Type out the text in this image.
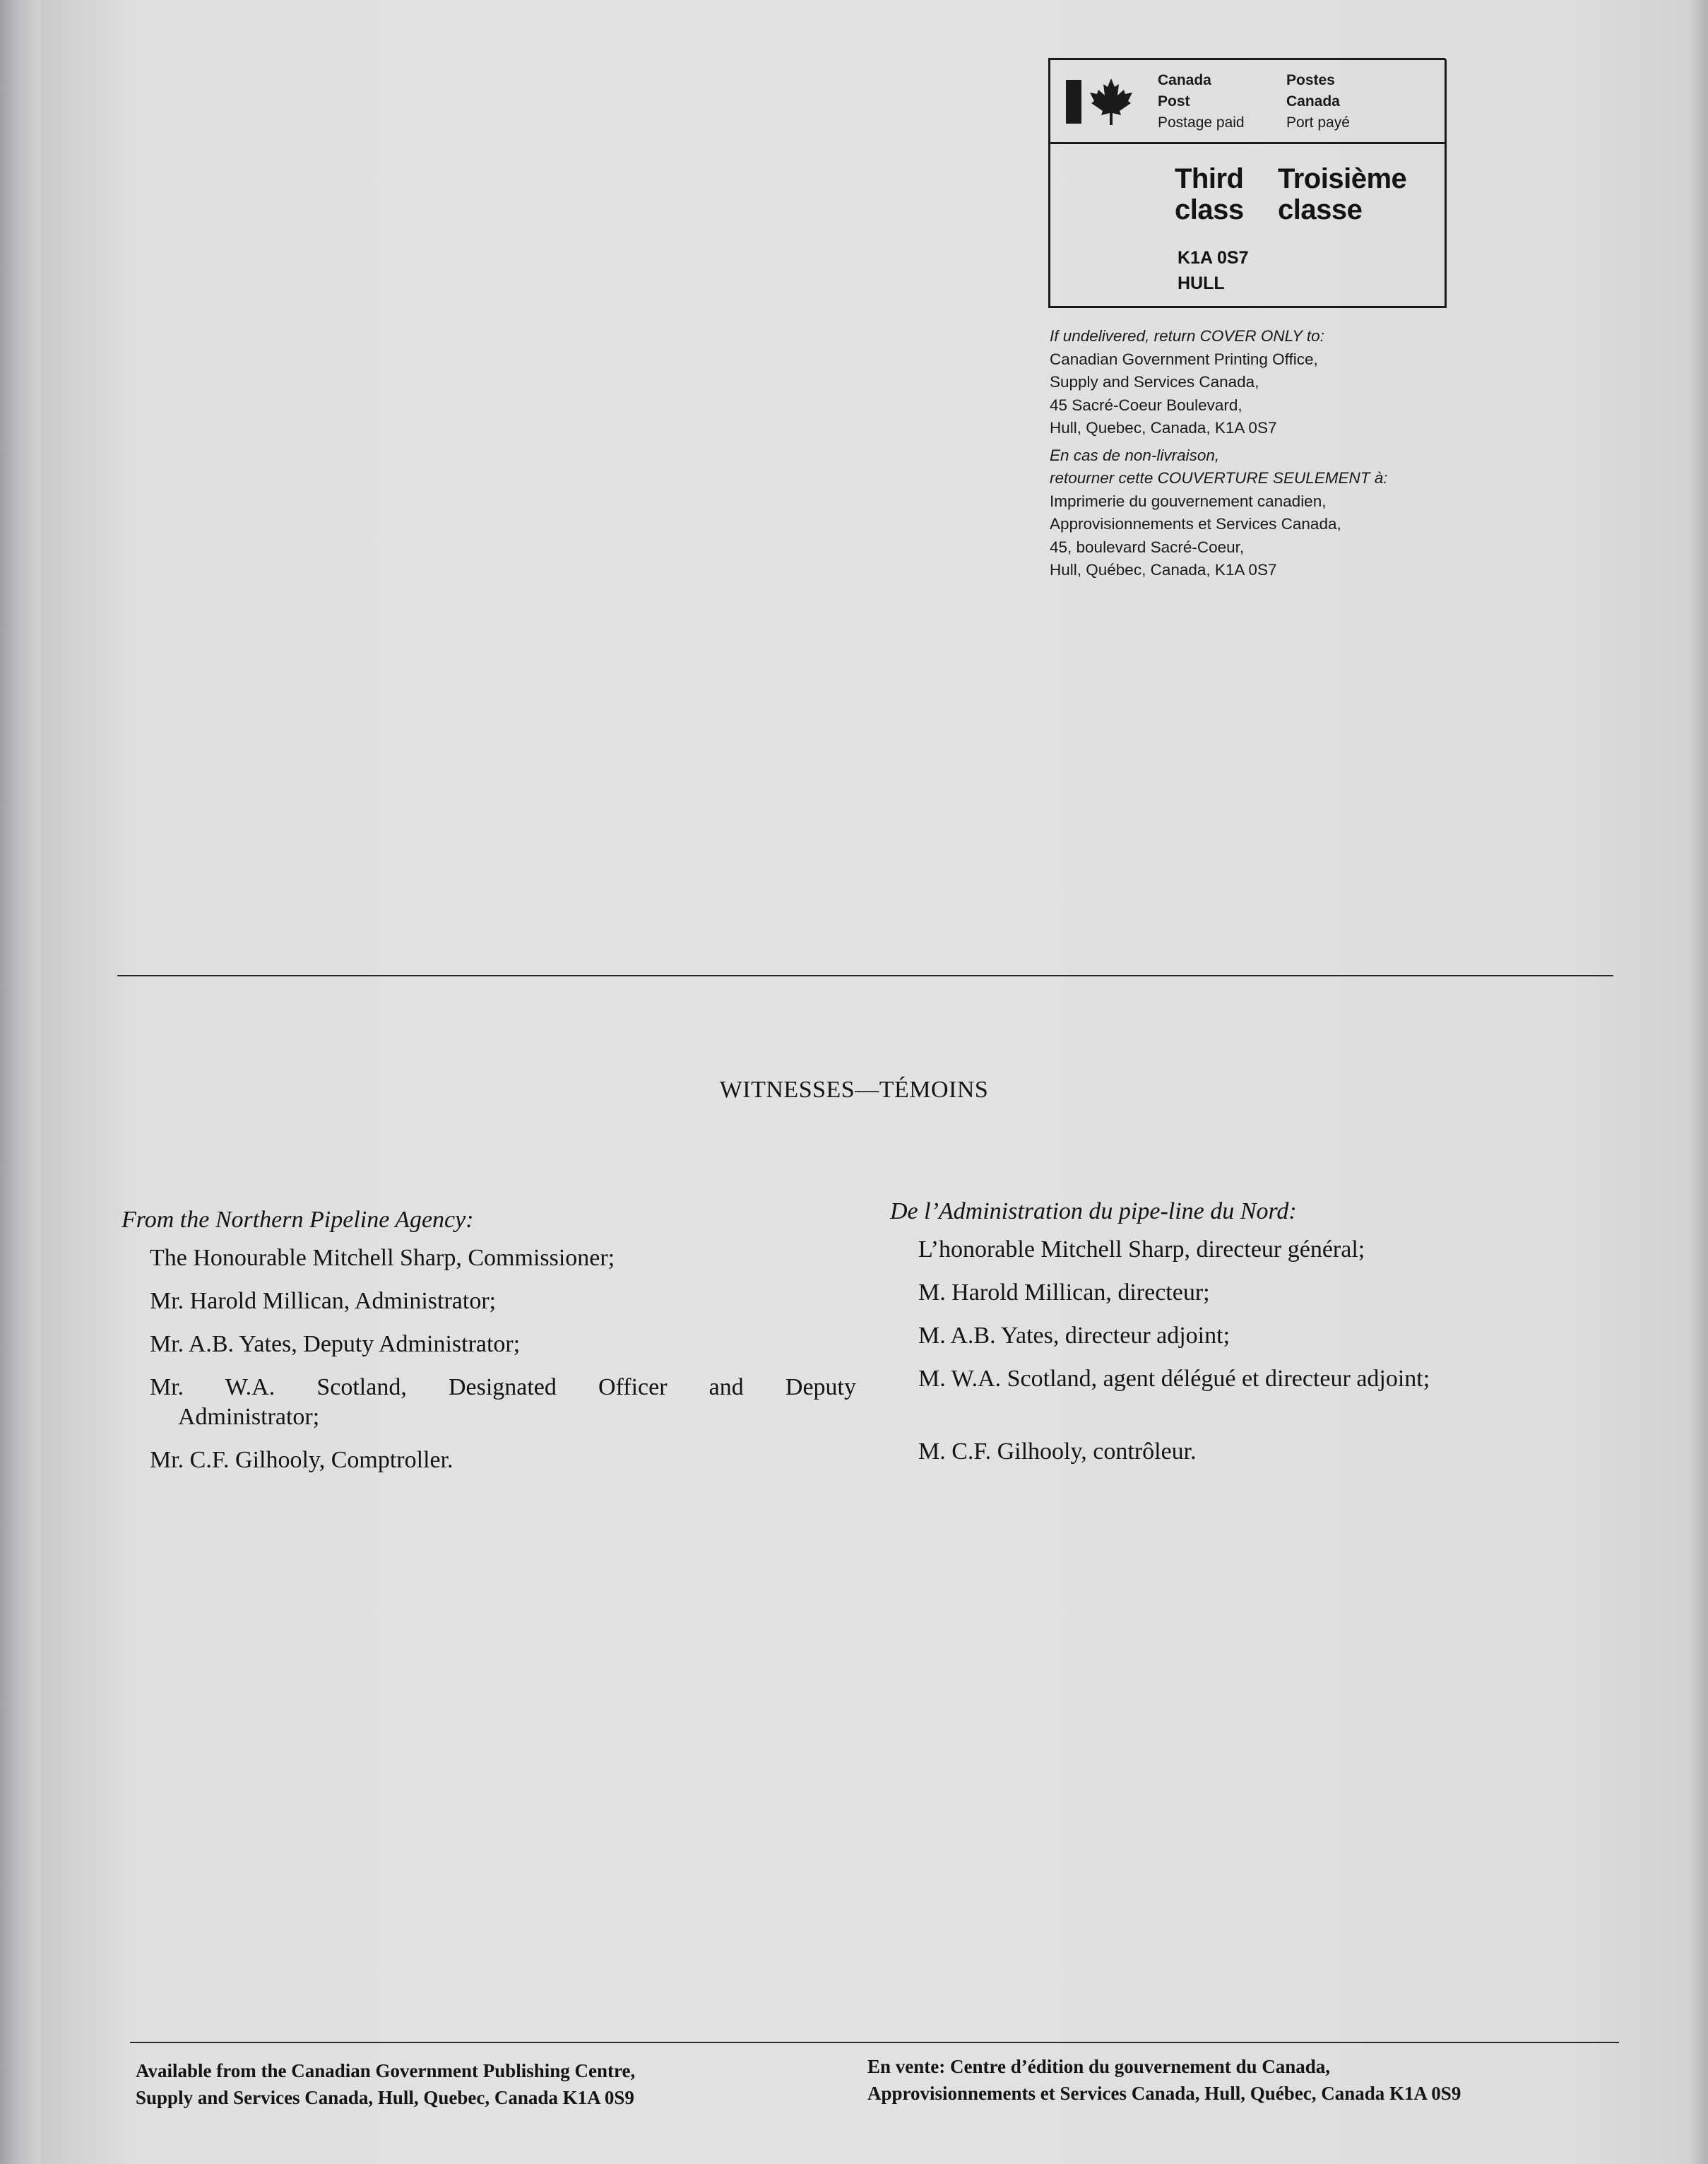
Canada
Post
Postage paid
Postes
Canada
Port payé
Third
class
Troisième
classe
K1A 0S7
HULL
If undelivered, return COVER ONLY to:
Canadian Government Printing Office,
Supply and Services Canada,
45 Sacré-Coeur Boulevard,
Hull, Quebec, Canada, K1A 0S7
En cas de non-livraison,
retourner cette COUVERTURE SEULEMENT à:
Imprimerie du gouvernement canadien,
Approvisionnements et Services Canada,
45, boulevard Sacré-Coeur,
Hull, Québec, Canada, K1A 0S7
WITNESSES—TÉMOINS
From the Northern Pipeline Agency:
The Honourable Mitchell Sharp, Commissioner;
Mr. Harold Millican, Administrator;
Mr. A.B. Yates, Deputy Administrator;
Mr. W.A. Scotland, Designated Officer and Deputy
Administrator;
Mr. C.F. Gilhooly, Comptroller.
De l’Administration du pipe-line du Nord:
L’honorable Mitchell Sharp, directeur général;
M. Harold Millican, directeur;
M. A.B. Yates, directeur adjoint;
M. W.A. Scotland, agent délégué et directeur adjoint;
M. C.F. Gilhooly, contrôleur.
Available from the Canadian Government Publishing Centre,
Supply and Services Canada, Hull, Quebec, Canada K1A 0S9
En vente: Centre d’édition du gouvernement du Canada,
Approvisionnements et Services Canada, Hull, Québec, Canada K1A 0S9
